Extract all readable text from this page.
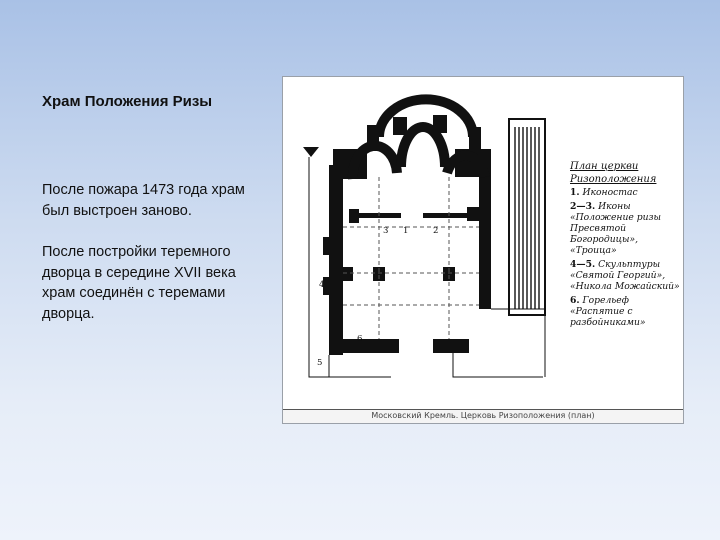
Храм Положения Ризы

После пожара 1473 года храм был выстроен заново.

После постройки теремного дворца в середине XVII века храм соединён с теремами дворца.

1	2
3
4
5
6
План церкви
Ризоположения
1. Иконостас
2—3. Иконы «Положение ризы Пресвятой Богородицы», «Троица»
4—5. Скульптуры «Святой Георгий», «Никола Можайский»
6. Горельеф «Распятие с разбойниками»
Московский Кремль. Церковь Ризоположения (план)
